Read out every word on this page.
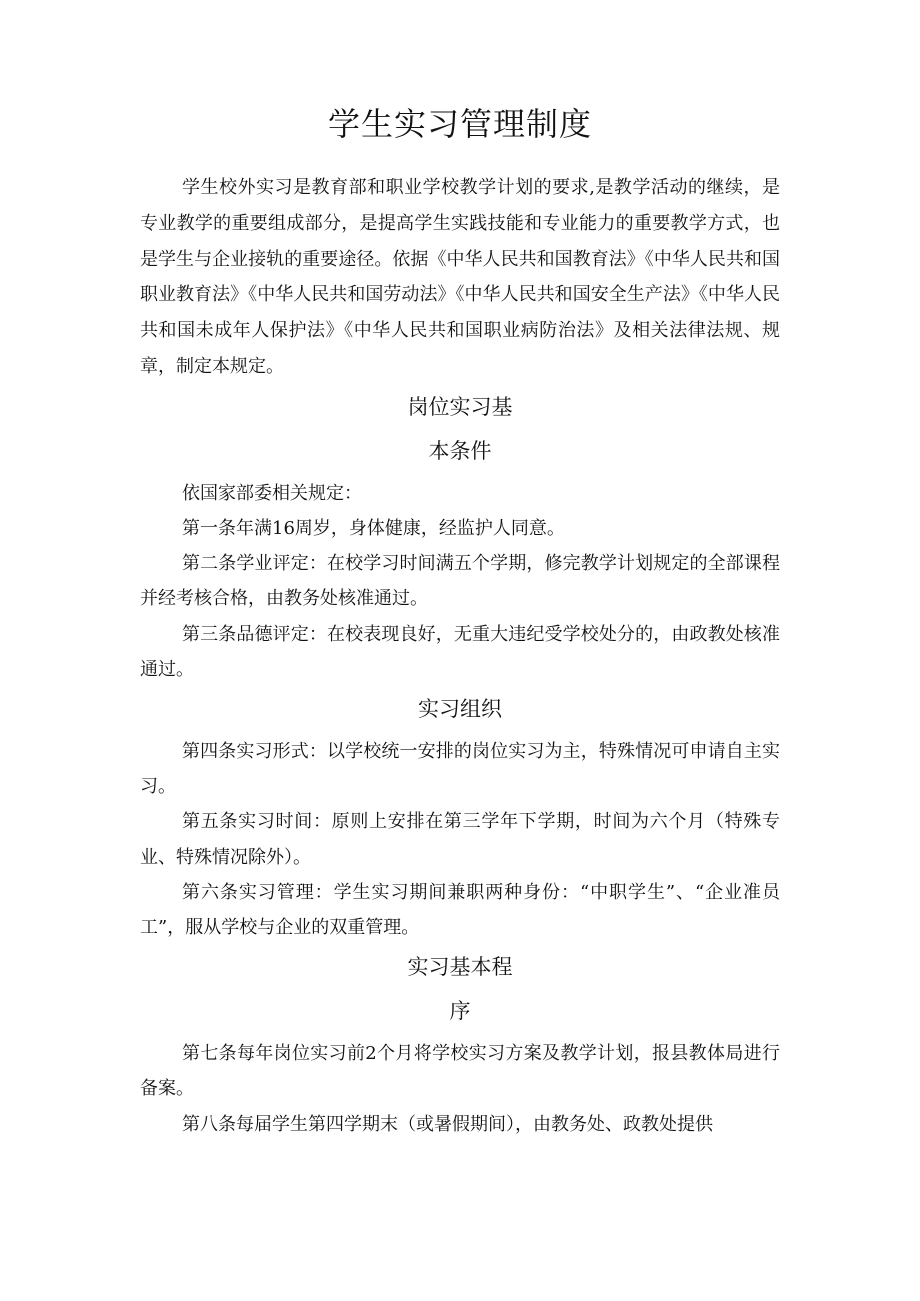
学生实习管理制度

学生校外实习是教育部和职业学校教学计划的要求,是教学活动的继续，是专业教学的重要组成部分，是提高学生实践技能和专业能力的重要教学方式，也是学生与企业接轨的重要途径。依据《中华人民共和国教育法》《中华人民共和国职业教育法》《中华人民共和国劳动法》《中华人民共和国安全生产法》《中华人民共和国未成年人保护法》《中华人民共和国职业病防治法》及相关法律法规、规章，制定本规定。

岗位实习基
本条件

依国家部委相关规定：

第一条年满16周岁，身体健康，经监护人同意。

第二条学业评定：在校学习时间满五个学期，修完教学计划规定的全部课程并经考核合格，由教务处核准通过。

第三条品德评定：在校表现良好，无重大违纪受学校处分的，由政教处核准通过。

实习组织

第四条实习形式：以学校统一安排的岗位实习为主，特殊情况可申请自主实习。

第五条实习时间：原则上安排在第三学年下学期，时间为六个月（特殊专业、特殊情况除外）。

第六条实习管理：学生实习期间兼职两种身份：“中职学生”、“企业准员工”，服从学校与企业的双重管理。

实习基本程
序

第七条每年岗位实习前2个月将学校实习方案及教学计划，报县教体局进行备案。

第八条每届学生第四学期末（或暑假期间），由教务处、政教处提供
